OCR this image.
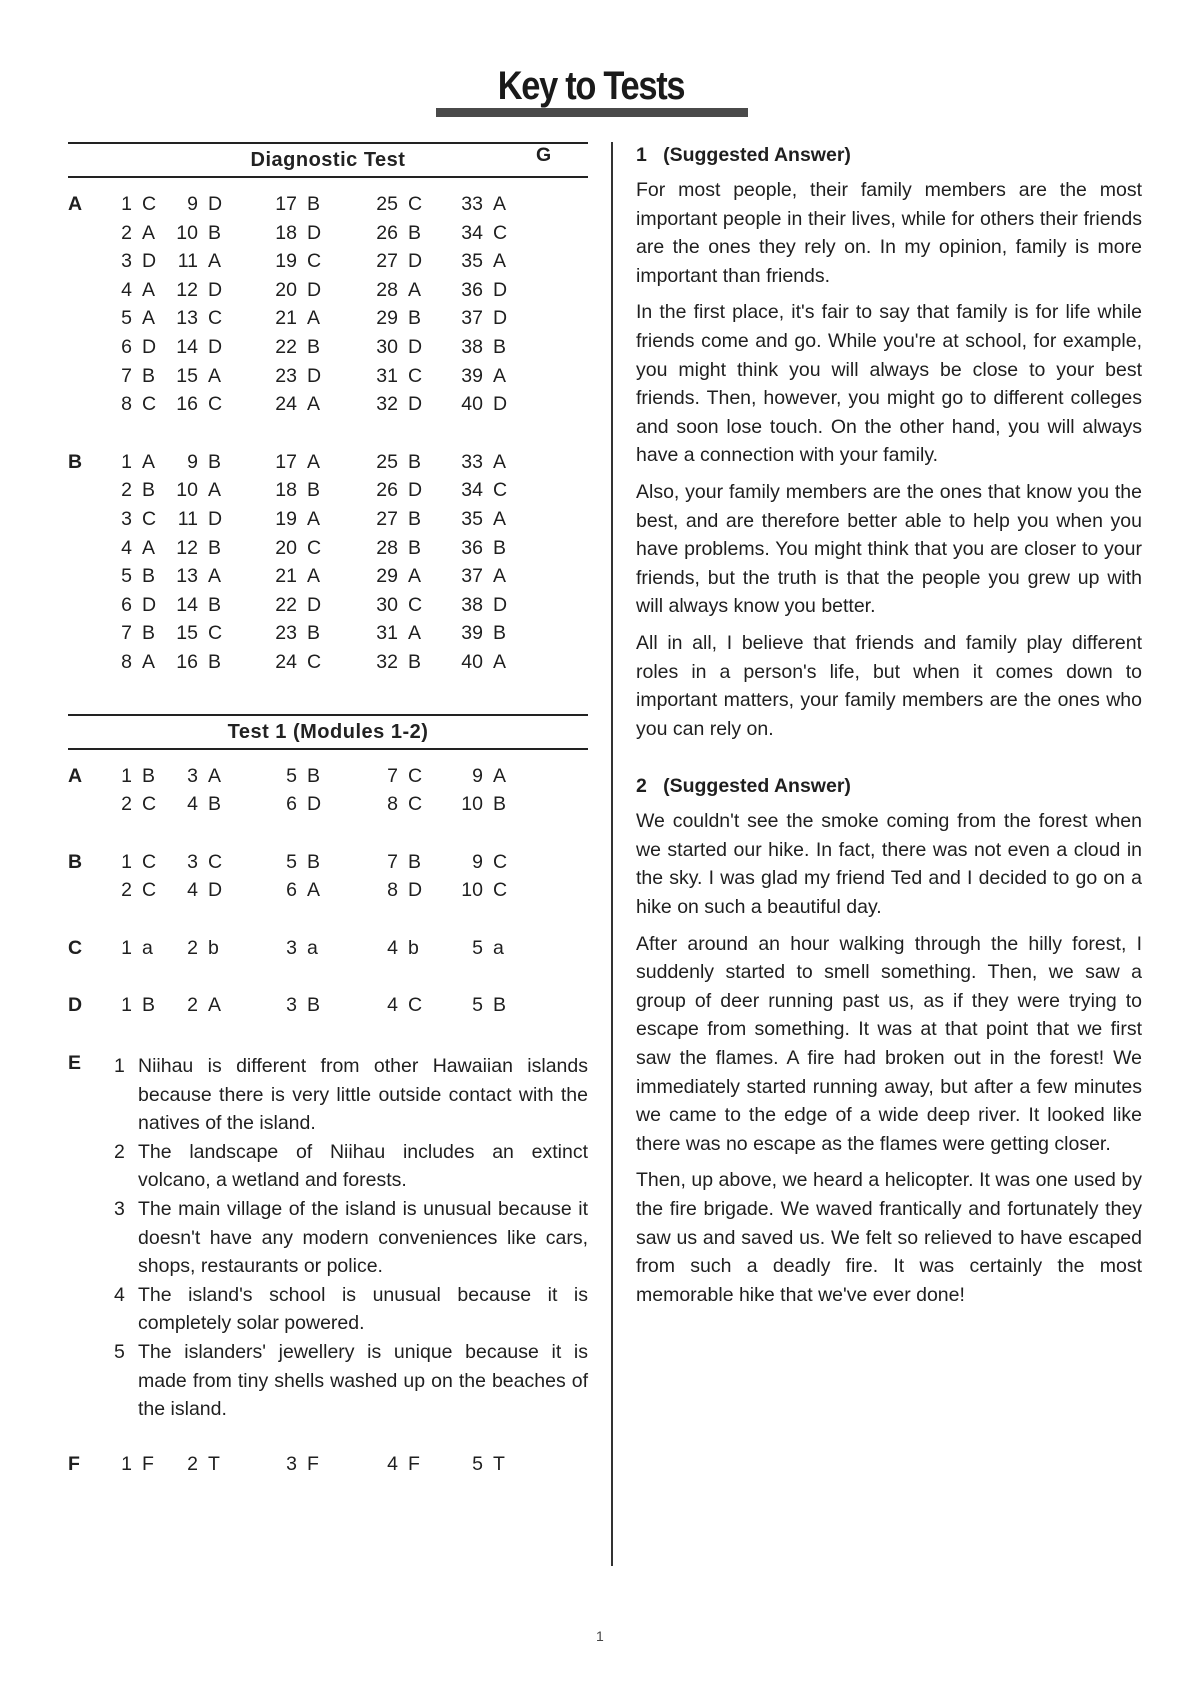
Key to Tests
Diagnostic Test
A	1 C	9 D	17 B	25 C	33 A
2 A	10 B	18 D	26 B	34 C
3 D	11 A	19 C	27 D	35 A
4 A	12 D	20 D	28 A	36 D
5 A	13 C	21 A	29 B	37 D
6 D	14 D	22 B	30 D	38 B
7 B	15 A	23 D	31 C	39 A
8 C	16 C	24 A	32 D	40 D
B	1 A	9 B	17 A	25 B	33 A
2 B	10 A	18 B	26 D	34 C
3 C	11 D	19 A	27 B	35 A
4 A	12 B	20 C	28 B	36 B
5 B	13 A	21 A	29 A	37 A
6 D	14 B	22 D	30 C	38 D
7 B	15 C	23 B	31 A	39 B
8 A	16 B	24 C	32 B	40 A
Test 1 (Modules 1-2)
A	1 B	3 A	5 B	7 C	9 A
2 C	4 B	6 D	8 C	10 B
B	1 C	3 C	5 B	7 B	9 C
2 C	4 D	6 A	8 D	10 C
C	1 a	2 b	3 a	4 b	5 a
D	1 B	2 A	3 B	4 C	5 B
E 1 Niihau is different from other Hawaiian islands because there is very little outside contact with the natives of the island.
2 The landscape of Niihau includes an extinct volcano, a wetland and forests.
3 The main village of the island is unusual because it doesn't have any modern conveniences like cars, shops, restaurants or police.
4 The island's school is unusual because it is completely solar powered.
5 The islanders' jewellery is unique because it is made from tiny shells washed up on the beaches of the island.
F	1 F	2 T	3 F	4 F	5 T
G	1   (Suggested Answer)

For most people, their family members are the most important people in their lives, while for others their friends are the ones they rely on. In my opinion, family is more important than friends.

In the first place, it's fair to say that family is for life while friends come and go. While you're at school, for example, you might think you will always be close to your best friends. Then, however, you might go to different colleges and soon lose touch. On the other hand, you will always have a connection with your family.

Also, your family members are the ones that know you the best, and are therefore better able to help you when you have problems. You might think that you are closer to your friends, but the truth is that the people you grew up with will always know you better.

All in all, I believe that friends and family play different roles in a person's life, but when it comes down to important matters, your family members are the ones who you can rely on.

2   (Suggested Answer)

We couldn't see the smoke coming from the forest when we started our hike. In fact, there was not even a cloud in the sky. I was glad my friend Ted and I decided to go on a hike on such a beautiful day.

After around an hour walking through the hilly forest, I suddenly started to smell something. Then, we saw a group of deer running past us, as if they were trying to escape from something. It was at that point that we first saw the flames. A fire had broken out in the forest! We immediately started running away, but after a few minutes we came to the edge of a wide deep river. It looked like there was no escape as the flames were getting closer.

Then, up above, we heard a helicopter. It was one used by the fire brigade. We waved frantically and fortunately they saw us and saved us. We felt so relieved to have escaped from such a deadly fire. It was certainly the most memorable hike that we've ever done!

1
